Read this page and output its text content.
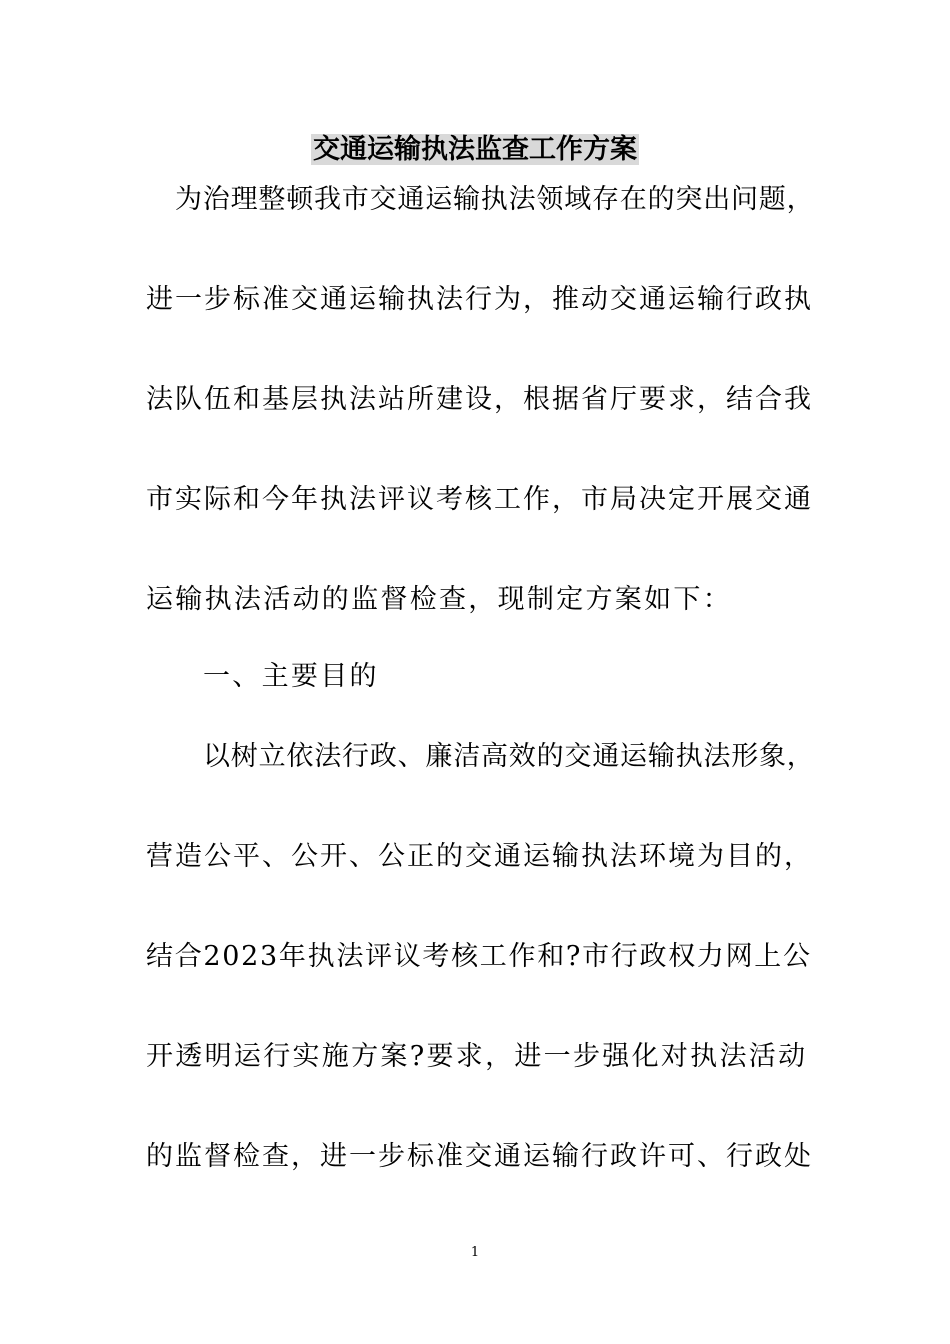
交通运输执法监查工作方案
为治理整顿我市交通运输执法领域存在的突出问题，
进一步标准交通运输执法行为，推动交通运输行政执
法队伍和基层执法站所建设，根据省厅要求，结合我
市实际和今年执法评议考核工作，市局决定开展交通
运输执法活动的监督检查，现制定方案如下：
一、主要目的
以树立依法行政、廉洁高效的交通运输执法形象，
营造公平、公开、公正的交通运输执法环境为目的，
结合2023年执法评议考核工作和?市行政权力网上公
开透明运行实施方案?要求，进一步强化对执法活动
的监督检查，进一步标准交通运输行政许可、行政处
1
